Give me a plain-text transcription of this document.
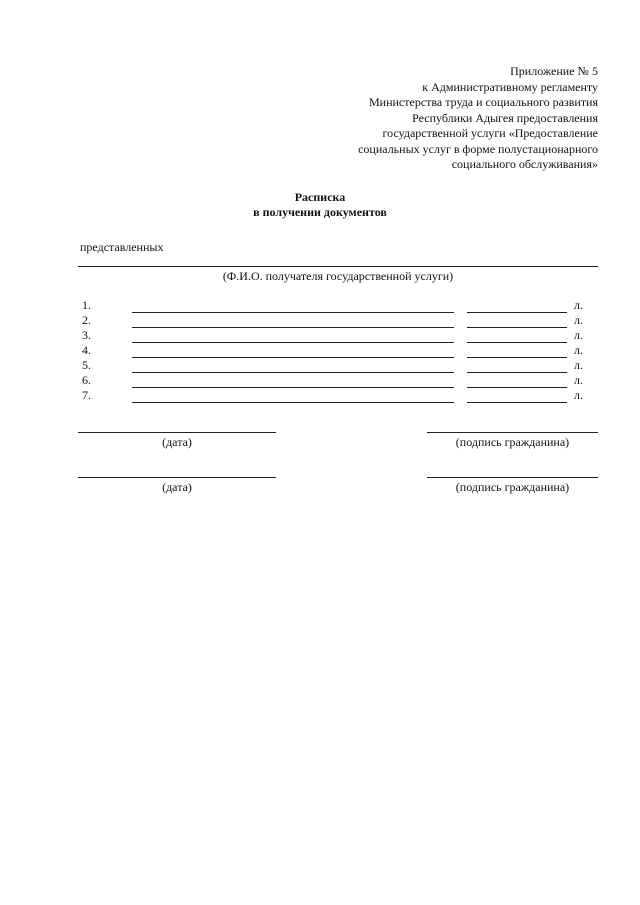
Приложение № 5
к Административному регламенту
Министерства труда и социального развития
Республики Адыгея предоставления
государственной услуги «Предоставление
социальных услуг в форме полустационарного
социального обслуживания»
Расписка
в получении документов
представленных
(Ф.И.О. получателя государственной услуги)
1.	л.
2.	л.
3.	л.
4.	л.
5.	л.
6.	л.
7.	л.
(дата)	(подпись гражданина)
(дата)	(подпись гражданина)
